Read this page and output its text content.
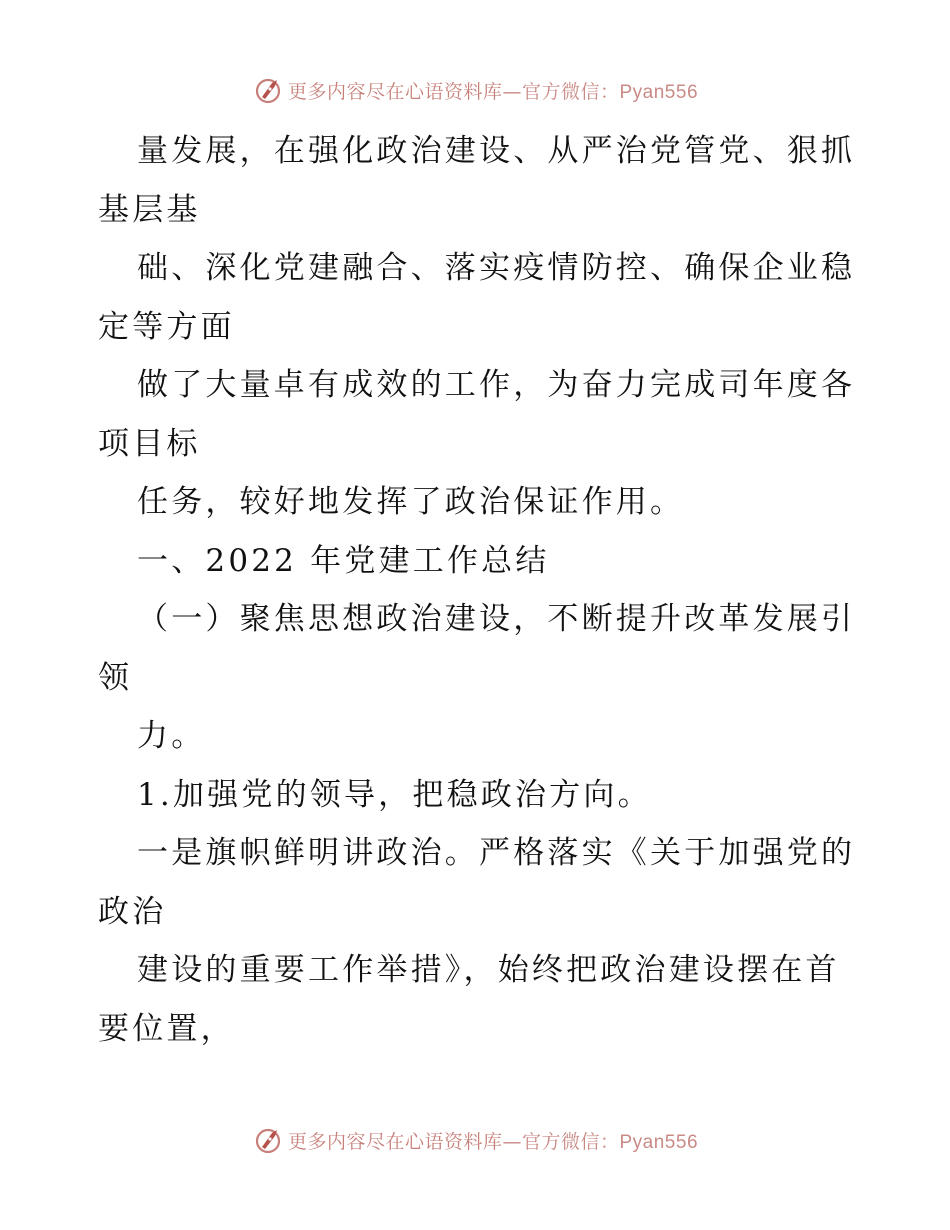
更多内容尽在心语资料库—官方微信：Pyan556
量发展，在强化政治建设、从严治党管党、狠抓
基层基
础、深化党建融合、落实疫情防控、确保企业稳
定等方面
做了大量卓有成效的工作，为奋力完成司年度各
项目标
任务，较好地发挥了政治保证作用。
一、2022 年党建工作总结
（一）聚焦思想政治建设，不断提升改革发展引
领
力。
1.加强党的领导，把稳政治方向。
一是旗帜鲜明讲政治。严格落实《关于加强党的
政治
建设的重要工作举措》，始终把政治建设摆在首
要位置，
更多内容尽在心语资料库—官方微信：Pyan556
